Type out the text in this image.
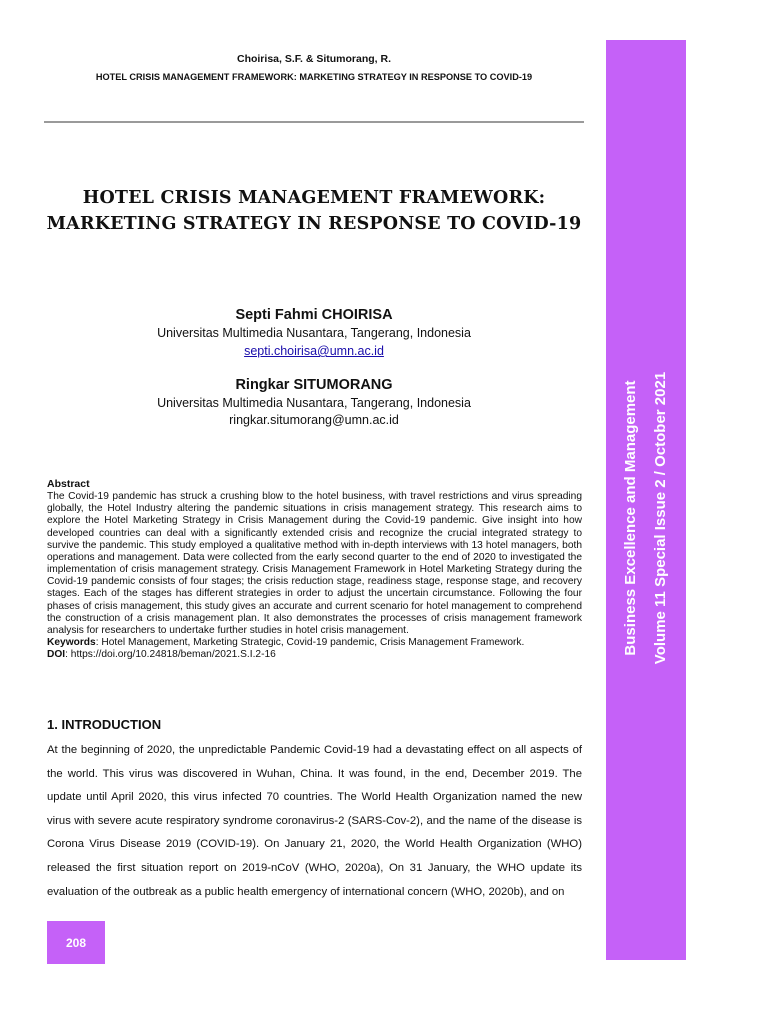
Choirisa, S.F. & Situmorang, R.
HOTEL CRISIS MANAGEMENT FRAMEWORK: MARKETING STRATEGY IN RESPONSE TO COVID-19
HOTEL CRISIS MANAGEMENT FRAMEWORK: MARKETING STRATEGY IN RESPONSE TO COVID-19
Septi Fahmi CHOIRISA
Universitas Multimedia Nusantara, Tangerang, Indonesia
septi.choirisa@umn.ac.id
Ringkar SITUMORANG
Universitas Multimedia Nusantara, Tangerang, Indonesia
ringkar.situmorang@umn.ac.id
Abstract
The Covid-19 pandemic has struck a crushing blow to the hotel business, with travel restrictions and virus spreading globally, the Hotel Industry altering the pandemic situations in crisis management strategy. This research aims to explore the Hotel Marketing Strategy in Crisis Management during the Covid-19 pandemic. Give insight into how developed countries can deal with a significantly extended crisis and recognize the crucial integrated strategy to survive the pandemic. This study employed a qualitative method with in-depth interviews with 13 hotel managers, both operations and management. Data were collected from the early second quarter to the end of 2020 to investigated the implementation of crisis management strategy. Crisis Management Framework in Hotel Marketing Strategy during the Covid-19 pandemic consists of four stages; the crisis reduction stage, readiness stage, response stage, and recovery stages. Each of the stages has different strategies in order to adjust the uncertain circumstance. Following the four phases of crisis management, this study gives an accurate and current scenario for hotel management to comprehend the construction of a crisis management plan. It also demonstrates the processes of crisis management framework analysis for researchers to undertake further studies in hotel crisis management.
Keywords: Hotel Management, Marketing Strategic, Covid-19 pandemic, Crisis Management Framework.
DOI: https://doi.org/10.24818/beman/2021.S.I.2-16
1. INTRODUCTION

At the beginning of 2020, the unpredictable Pandemic Covid-19 had a devastating effect on all aspects of the world. This virus was discovered in Wuhan, China. It was found, in the end, December 2019. The update until April 2020, this virus infected 70 countries. The World Health Organization named the new virus with severe acute respiratory syndrome coronavirus-2 (SARS-Cov-2), and the name of the disease is Corona Virus Disease 2019 (COVID-19). On January 21, 2020, the World Health Organization (WHO) released the first situation report on 2019-nCoV (WHO, 2020a), On 31 January, the WHO update its evaluation of the outbreak as a public health emergency of international concern (WHO, 2020b), and on

Business Excellence and Management Volume 11 Special Issue 2 / October 2021
208
